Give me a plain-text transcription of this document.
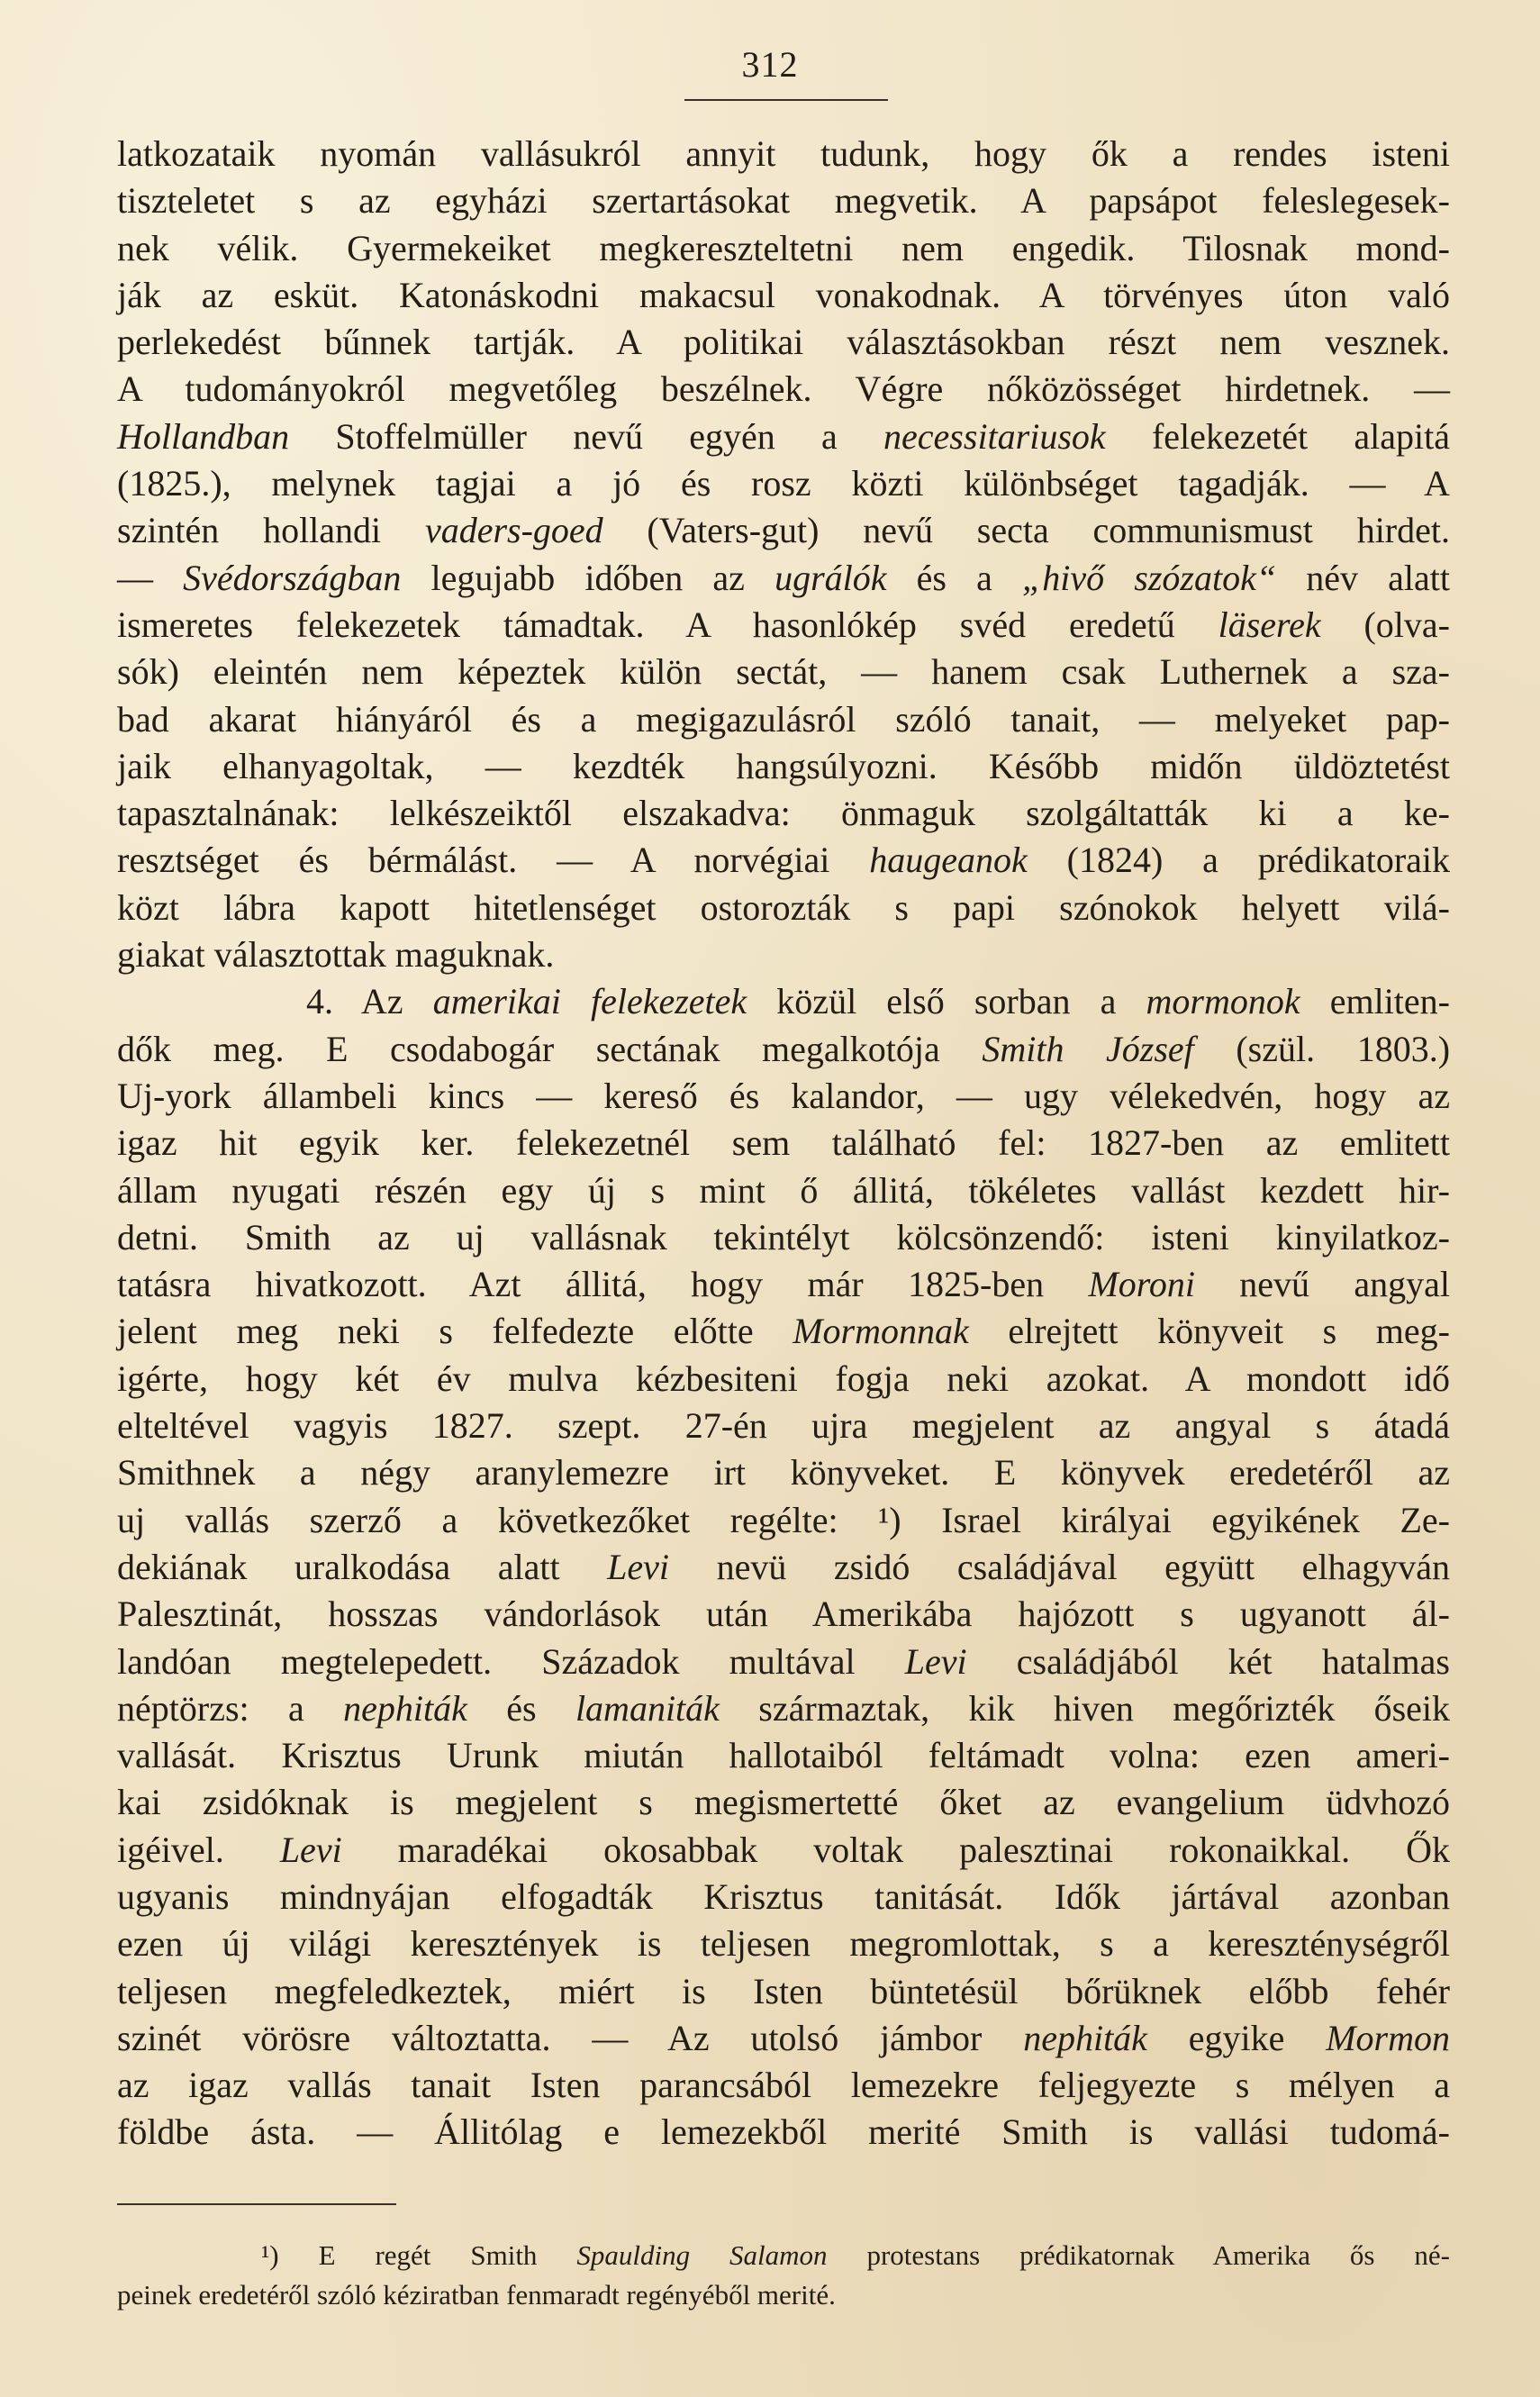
312
latkozataik nyomán vallásukról annyit tudunk, hogy ők a rendes isteni
tiszteletet s az egyházi szertartásokat megvetik. A papsápot feleslegesek-
nek vélik. Gyermekeiket megkereszteltetni nem engedik. Tilosnak mond-
ják az esküt. Katonáskodni makacsul vonakodnak. A törvényes úton való
perlekedést bűnnek tartják. A politikai választásokban részt nem vesznek.
A tudományokról megvetőleg beszélnek. Végre nőközösséget hirdetnek. —
Hollandban Stoffelmüller nevű egyén a necessitariusok felekezetét alapitá
(1825.), melynek tagjai a jó és rosz közti különbséget tagadják. — A
szintén hollandi vaders-goed (Vaters-gut) nevű secta communismust hirdet.
— Svédországban legujabb időben az ugrálók és a „hivő szózatok“ név alatt
ismeretes felekezetek támadtak. A hasonlókép svéd eredetű läserek (olva-
sók) eleintén nem képeztek külön sectát, — hanem csak Luthernek a sza-
bad akarat hiányáról és a megigazulásról szóló tanait, — melyeket pap-
jaik elhanyagoltak, — kezdték hangsúlyozni. Később midőn üldöztetést
tapasztalnának: lelkészeiktől elszakadva: önmaguk szolgáltatták ki a ke-
resztséget és bérmálást. — A norvégiai haugeanok (1824) a prédikatoraik
közt lábra kapott hitetlenséget ostorozták s papi szónokok helyett vilá-
giakat választottak maguknak.
4. Az amerikai felekezetek közül első sorban a mormonok emliten-
dők meg. E csodabogár sectának megalkotója Smith József (szül. 1803.)
Uj-york állambeli kincs — kereső és kalandor, — ugy vélekedvén, hogy az
igaz hit egyik ker. felekezetnél sem található fel: 1827-ben az emlitett
állam nyugati részén egy új s mint ő állitá, tökéletes vallást kezdett hir-
detni. Smith az uj vallásnak tekintélyt kölcsönzendő: isteni kinyilatkoz-
tatásra hivatkozott. Azt állitá, hogy már 1825-ben Moroni nevű angyal
jelent meg neki s felfedezte előtte Mormonnak elrejtett könyveit s meg-
igérte, hogy két év mulva kézbesiteni fogja neki azokat. A mondott idő
elteltével vagyis 1827. szept. 27-én ujra megjelent az angyal s átadá
Smithnek a négy aranylemezre irt könyveket. E könyvek eredetéről az
uj vallás szerző a következőket regélte: ¹) Israel királyai egyikének Ze-
dekiának uralkodása alatt Levi nevü zsidó családjával együtt elhagyván
Palesztinát, hosszas vándorlások után Amerikába hajózott s ugyanott ál-
landóan megtelepedett. Századok multával Levi családjából két hatalmas
néptörzs: a nephiták és lamaniták származtak, kik hiven megőrizték őseik
vallását. Krisztus Urunk miután hallotaiból feltámadt volna: ezen ameri-
kai zsidóknak is megjelent s megismertetté őket az evangelium üdvhozó
igéivel. Levi maradékai okosabbak voltak palesztinai rokonaikkal. Ők
ugyanis mindnyájan elfogadták Krisztus tanitását. Idők jártával azonban
ezen új világi keresztények is teljesen megromlottak, s a kereszténységről
teljesen megfeledkeztek, miért is Isten büntetésül bőrüknek előbb fehér
szinét vörösre változtatta. — Az utolsó jámbor nephiták egyike Mormon
az igaz vallás tanait Isten parancsából lemezekre feljegyezte s mélyen a
földbe ásta. — Állitólag e lemezekből merité Smith is vallási tudomá-
¹) E regét Smith Spaulding Salamon protestans prédikatornak Amerika ős né-
peinek eredetéről szóló kéziratban fenmaradt regényéből merité.
